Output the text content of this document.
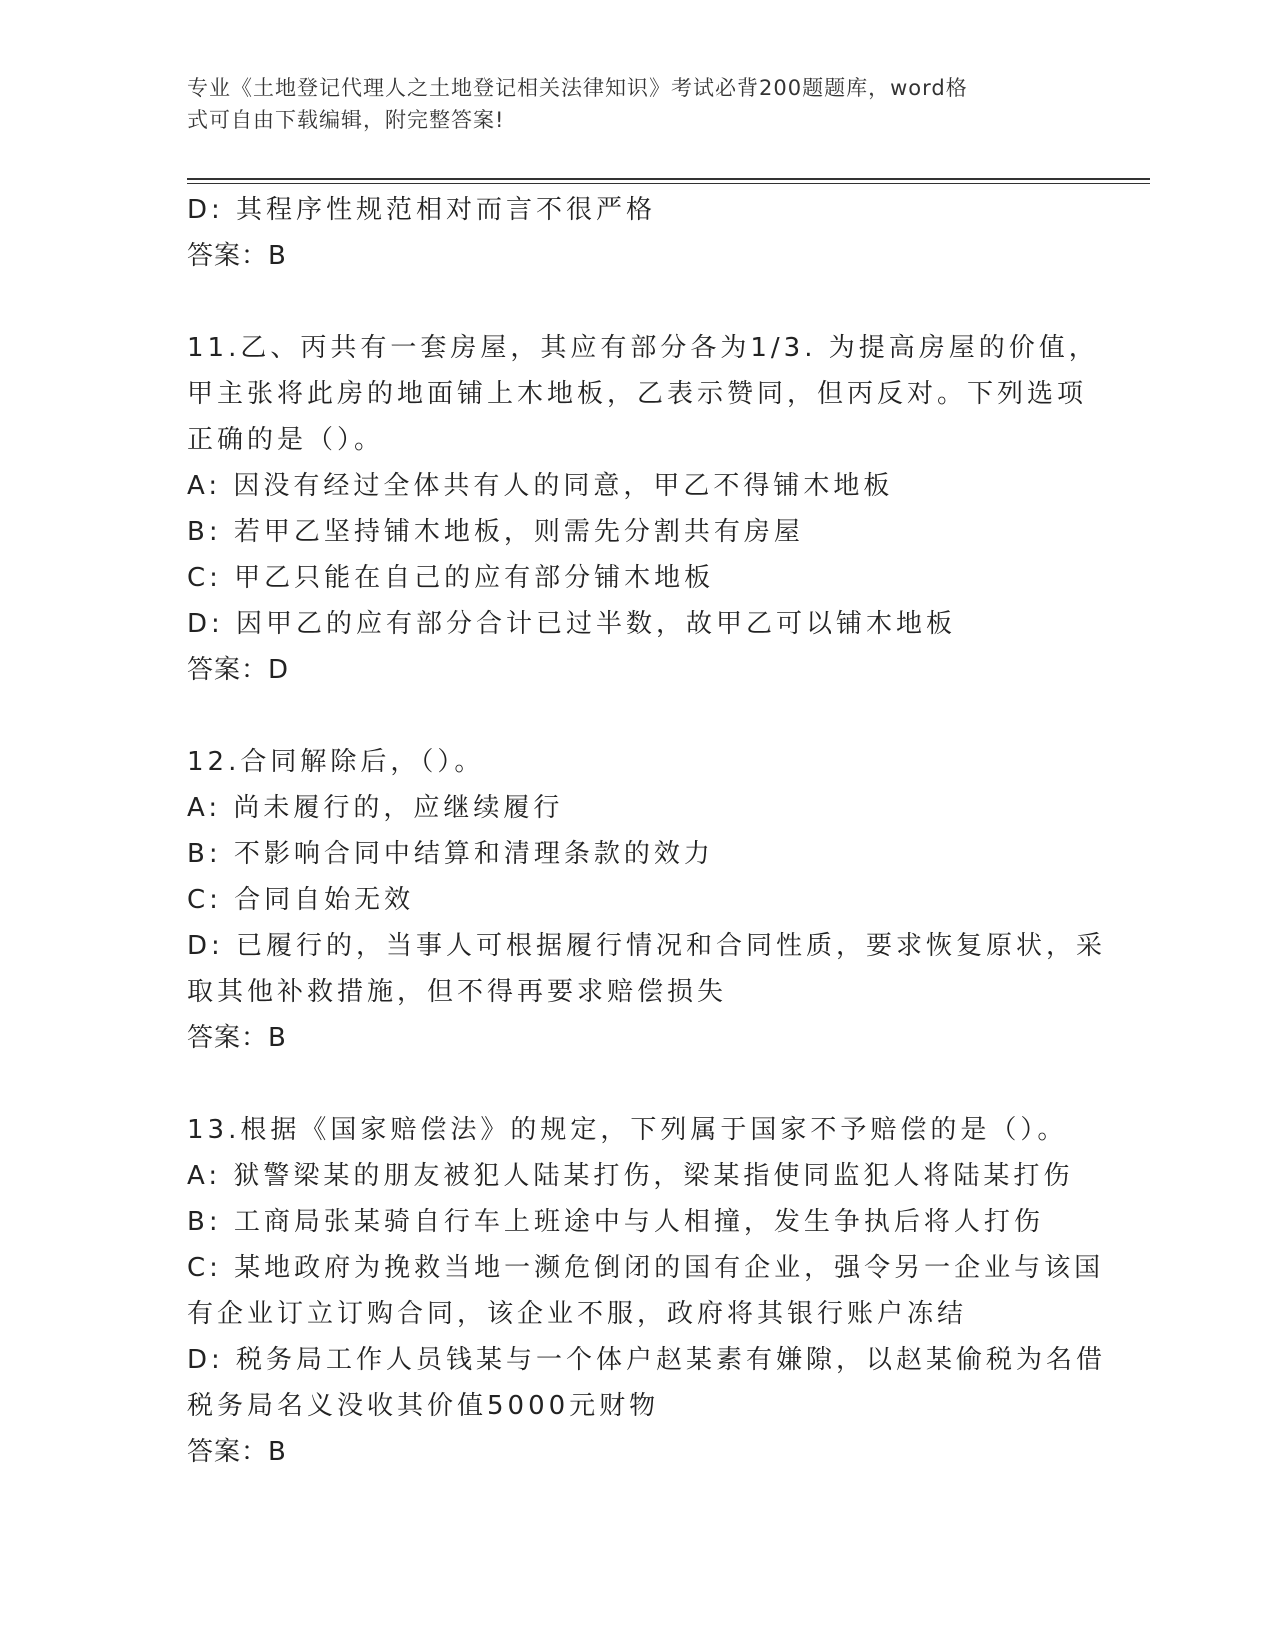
专业《土地登记代理人之土地登记相关法律知识》考试必背200题题库，word格
式可自由下载编辑，附完整答案!
D: 其程序性规范相对而言不很严格
答案：B
11.乙、丙共有一套房屋，其应有部分各为1/3. 为提高房屋的价值，
甲主张将此房的地面铺上木地板，乙表示赞同，但丙反对。下列选项
正确的是（）。
A: 因没有经过全体共有人的同意，甲乙不得铺木地板
B: 若甲乙坚持铺木地板，则需先分割共有房屋
C: 甲乙只能在自己的应有部分铺木地板
D: 因甲乙的应有部分合计已过半数，故甲乙可以铺木地板
答案：D
12.合同解除后，（）。
A: 尚未履行的，应继续履行
B: 不影响合同中结算和清理条款的效力
C: 合同自始无效
D: 已履行的，当事人可根据履行情况和合同性质，要求恢复原状，采
取其他补救措施，但不得再要求赔偿损失
答案：B
13.根据《国家赔偿法》的规定，下列属于国家不予赔偿的是（）。
A: 狱警梁某的朋友被犯人陆某打伤，梁某指使同监犯人将陆某打伤
B: 工商局张某骑自行车上班途中与人相撞，发生争执后将人打伤
C: 某地政府为挽救当地一濒危倒闭的国有企业，强令另一企业与该国
有企业订立订购合同，该企业不服，政府将其银行账户冻结
D: 税务局工作人员钱某与一个体户赵某素有嫌隙，以赵某偷税为名借
税务局名义没收其价值5000元财物
答案：B
